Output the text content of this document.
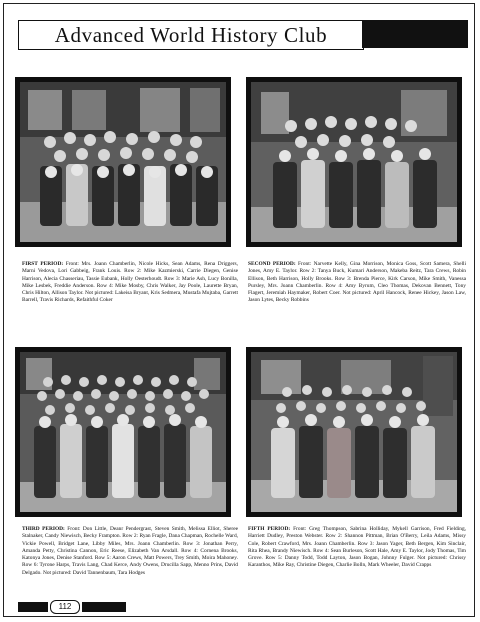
Advanced World History Club
FIRST PERIOD: Front: Mrs. Joann Chamberlin, Nicole Hicks, Sean Adams, Rena Driggers, Marni Vedova, Lori Gabbeig, Frank Louis. Row 2: Mike Kazmierski, Carrie Diegen, Genise Harrison, Alecia Chasseriau, Tassie Eubank, Holly Oesterhoudt. Row 3: Marie Ash, Lucy Bonilla, Mike Lesbek, Freddie Anderson. Row 4: Mike Mosby, Chris Walker, Jay Poole, Laurette Bryan, Chris Hilton, Allison Taylor. Not pictured: Lakeisa Bryant, Kris Sedmera, Mustafa Mujtaba, Garrett Barrell, Travis Richards, Refaithful Coker
SECOND PERIOD: Front: Narvette Kelly, Gina Morrison, Monica Goss, Scott Samera, Shelli Jones, Amy E. Taylor. Row 2: Tanya Buck, Kumari Anderson, Makeba Reitz, Tara Crews, Robin Ellison, Beth Harrison, Holly Brooks. Row 3: Brenda Pierce, Kirk Carson, Mike Smith, Vanessa Pursley, Mrs. Joann Chamberlin. Row 4: Amy Byrum, Cleo Thomas, Dekovan Bennett, Tony Flagert, Jeremiah Haymaker, Robert Coer. Not pictured: April Hancock, Renee Hickey, Jason Law, Jason Lytes, Becky Robbins
THIRD PERIOD: Front: Don Little, Deanr Pendergrast, Steven Smith, Melissa Elliot, Sheree Stalnaker, Candy Niewisch, Becky Frampton. Row 2: Ryan Fragle, Dana Chapman, Rochelle Ward, Vickie Powell, Bridget Lane, Libby Miles, Mrs. Joann Chamberlin. Row 3: Jonathan Perry, Amanda Petty, Christina Cannon, Eric Reese, Elizabeth Van Arsdall. Row 4: Cornena Brooks, Katonya Jones, Denise Stanford. Row 5: Aaron Crews, Matt Powers, Trey Smith, Moira Mahoney. Row 6: Tyrone Harps, Travis Lang, Chad Kerce, Andy Owens, Drucilla Sapp, Menno Prins, David Delgado. Not pictured: David Tannenbaum, Tara Hodges
FIFTH PERIOD: Front: Greg Thompson, Sabrina Holliday, Mykell Garrison, Fred Fielding, Harriett Dudley, Preston Webster. Row 2: Shannon Pittman, Brian O'Berry, Leila Adams, Missy Cole, Robert Crawford, Mrs. Joann Chamberlin. Row 3: Jason Yager, Beth Bergen, Kim Sinclair, Rita Rhea, Brandy Niewisch. Row 4: Sean Burleson, Scott Hale, Amy E. Taylor, Jody Thomas, Tim Grove. Row 5: Danny Todd, Todd Layton, Jason Bogan, Johnny Fulger. Not pictured: Chrissy Karanthos, Mike Ray, Christine Diegen, Charlie Bolln, Mark Wheeler, David Crapps
112
